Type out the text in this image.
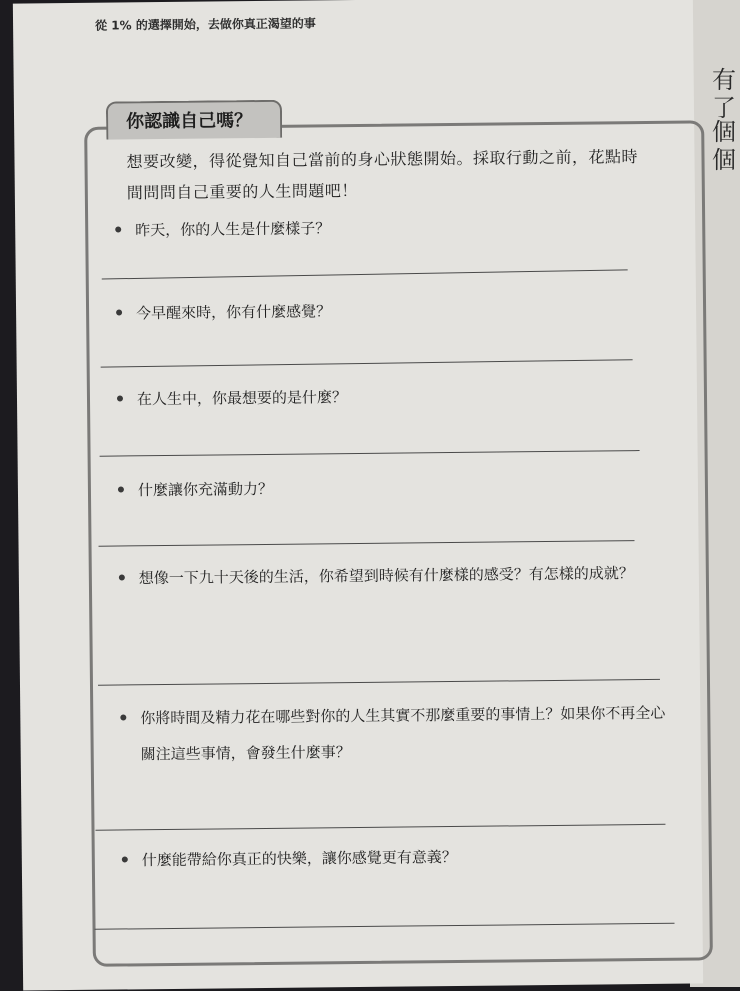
有
了
個
個
從 1% 的選擇開始，去做你真正渴望的事
你認識自己嗎？
想要改變，得從覺知自己當前的身心狀態開始。採取行動之前，花點時間問問自己重要的人生問題吧！
昨天，你的人生是什麼樣子？
今早醒來時，你有什麼感覺？
在人生中，你最想要的是什麼？
什麼讓你充滿動力？
想像一下九十天後的生活，你希望到時候有什麼樣的感受？有怎樣的成就？
你將時間及精力花在哪些對你的人生其實不那麼重要的事情上？如果你不再全心關注這些事情，會發生什麼事？
什麼能帶給你真正的快樂，讓你感覺更有意義？
